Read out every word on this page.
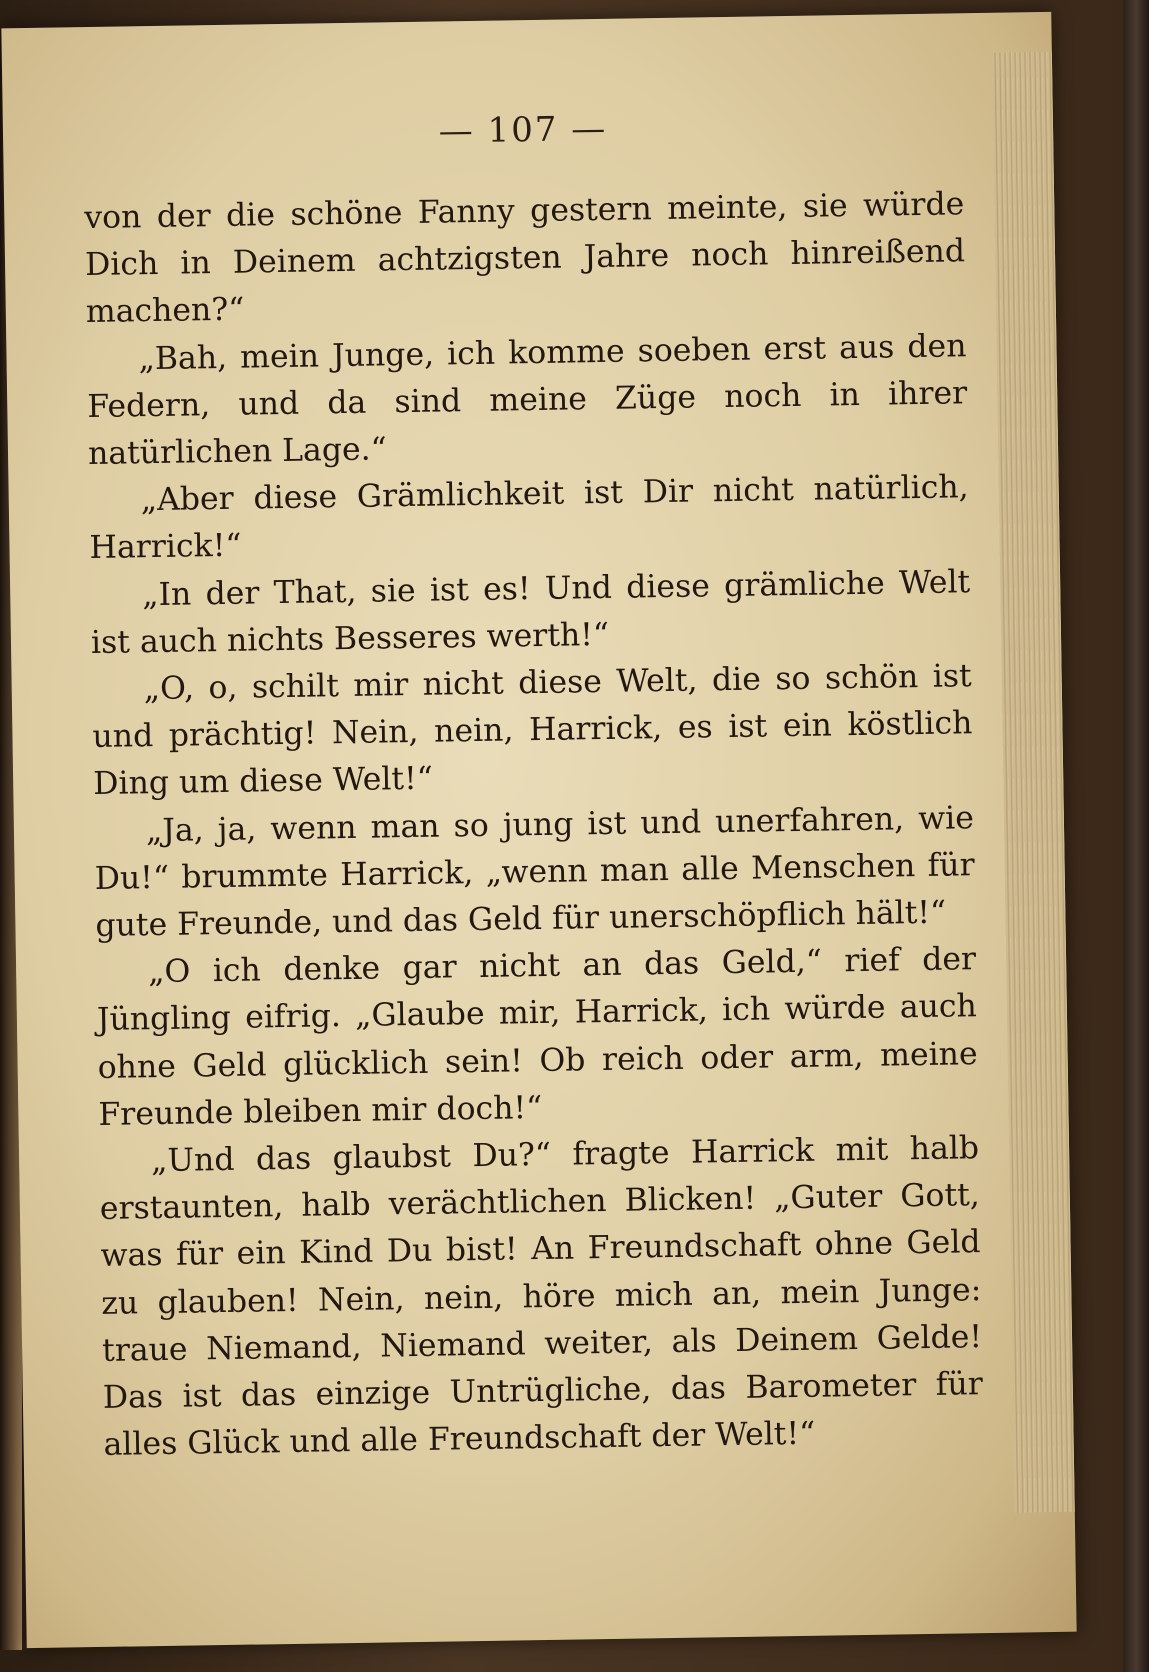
— 107 —

von der die schöne Fanny gestern meinte, sie würde Dich in Deinem achtzigsten Jahre noch hinreißend machen?“

„Bah, mein Junge, ich komme soeben erst aus den Federn, und da sind meine Züge noch in ihrer natürlichen Lage.“

„Aber diese Grämlichkeit ist Dir nicht natürlich, Harrick!“

„In der That, sie ist es! Und diese grämliche Welt ist auch nichts Besseres werth!“

„O, o, schilt mir nicht diese Welt, die so schön ist und prächtig! Nein, nein, Harrick, es ist ein köstlich Ding um diese Welt!“

„Ja, ja, wenn man so jung ist und unerfahren, wie Du!“ brummte Harrick, „wenn man alle Menschen für gute Freunde, und das Geld für unerschöpflich hält!“

„O ich denke gar nicht an das Geld,“ rief der Jüngling eifrig. „Glaube mir, Harrick, ich würde auch ohne Geld glücklich sein! Ob reich oder arm, meine Freunde bleiben mir doch!“

„Und das glaubst Du?“ fragte Harrick mit halb erstaunten, halb verächtlichen Blicken! „Guter Gott, was für ein Kind Du bist! An Freundschaft ohne Geld zu glauben! Nein, nein, höre mich an, mein Junge: traue Niemand, Niemand weiter, als Deinem Gelde! Das ist das einzige Untrügliche, das Barometer für alles Glück und alle Freundschaft der Welt!“
